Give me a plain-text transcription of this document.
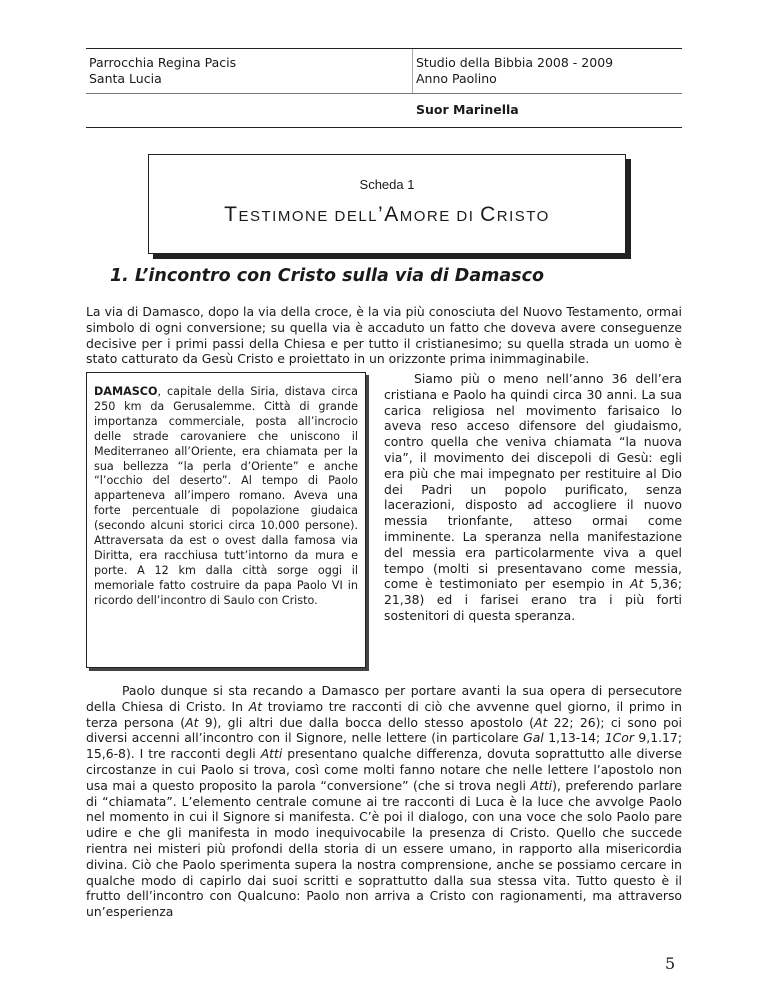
Parrocchia Regina Pacis
Santa Lucia
Studio della Bibbia 2008 - 2009
Anno Paolino
Suor Marinella
Scheda 1
TESTIMONE DELL’AMORE DI CRISTO
1. L’incontro con Cristo sulla via di Damasco

La via di Damasco, dopo la via della croce, è la via più conosciuta del Nuovo Testamento, ormai simbolo di ogni conversione; su quella via è accaduto un fatto che doveva avere conseguenze decisive per i primi passi della Chiesa e per tutto il cristianesimo; su quella strada un uomo è stato catturato da Gesù Cristo e proiettato in un orizzonte prima inimmaginabile.

DAMASCO, capitale della Siria, distava circa 250 km da Gerusalemme. Città di grande importanza commerciale, posta all’incrocio delle strade carovaniere che uniscono il Mediterraneo all’Oriente, era chiamata per la sua bellezza “la perla d’Oriente” e anche “l’occhio del deserto”. Al tempo di Paolo apparteneva all’impero romano. Aveva una forte percentuale di popolazione giudaica (secondo alcuni storici circa 10.000 persone). Attraversata da est o ovest dalla famosa via Diritta, era racchiusa tutt’intorno da mura e porte. A 12 km dalla città sorge oggi il memoriale fatto costruire da papa Paolo VI in ricordo dell’incontro di Saulo con Cristo.

Siamo più o meno nell’anno 36 dell’era cristiana e Paolo ha quindi circa 30 anni. La sua carica religiosa nel movimento farisaico lo aveva reso acceso difensore del giudaismo, contro quella che veniva chiamata “la nuova via”, il movimento dei discepoli di Gesù: egli era più che mai impegnato per restituire al Dio dei Padri un popolo purificato, senza lacerazioni, disposto ad accogliere il nuovo messia trionfante, atteso ormai come imminente. La speranza nella manifestazione del messia era particolarmente viva a quel tempo (molti si presentavano come messia, come è testimoniato per esempio in At 5,36; 21,38) ed i farisei erano tra i più forti sostenitori di questa speranza.

Paolo dunque si sta recando a Damasco per portare avanti la sua opera di persecutore della Chiesa di Cristo. In At troviamo tre racconti di ciò che avvenne quel giorno, il primo in terza persona (At 9), gli altri due dalla bocca dello stesso apostolo (At 22; 26); ci sono poi diversi accenni all’incontro con il Signore, nelle lettere (in particolare Gal 1,13-14; 1Cor 9,1.17; 15,6-8). I tre racconti degli Atti presentano qualche differenza, dovuta soprattutto alle diverse circostanze in cui Paolo si trova, così come molti fanno notare che nelle lettere l’apostolo non usa mai a questo proposito la parola “conversione” (che si trova negli Atti), preferendo parlare di “chiamata”. L’elemento centrale comune ai tre racconti di Luca è la luce che avvolge Paolo nel momento in cui il Signore si manifesta. C’è poi il dialogo, con una voce che solo Paolo pare udire e che gli manifesta in modo inequivocabile la presenza di Cristo. Quello che succede rientra nei misteri più profondi della storia di un essere umano, in rapporto alla misericordia divina. Ciò che Paolo sperimenta supera la nostra comprensione, anche se possiamo cercare in qualche modo di capirlo dai suoi scritti e soprattutto dalla sua stessa vita. Tutto questo è il frutto dell’incontro con Qualcuno: Paolo non arriva a Cristo con ragionamenti, ma attraverso un’esperienza

5
